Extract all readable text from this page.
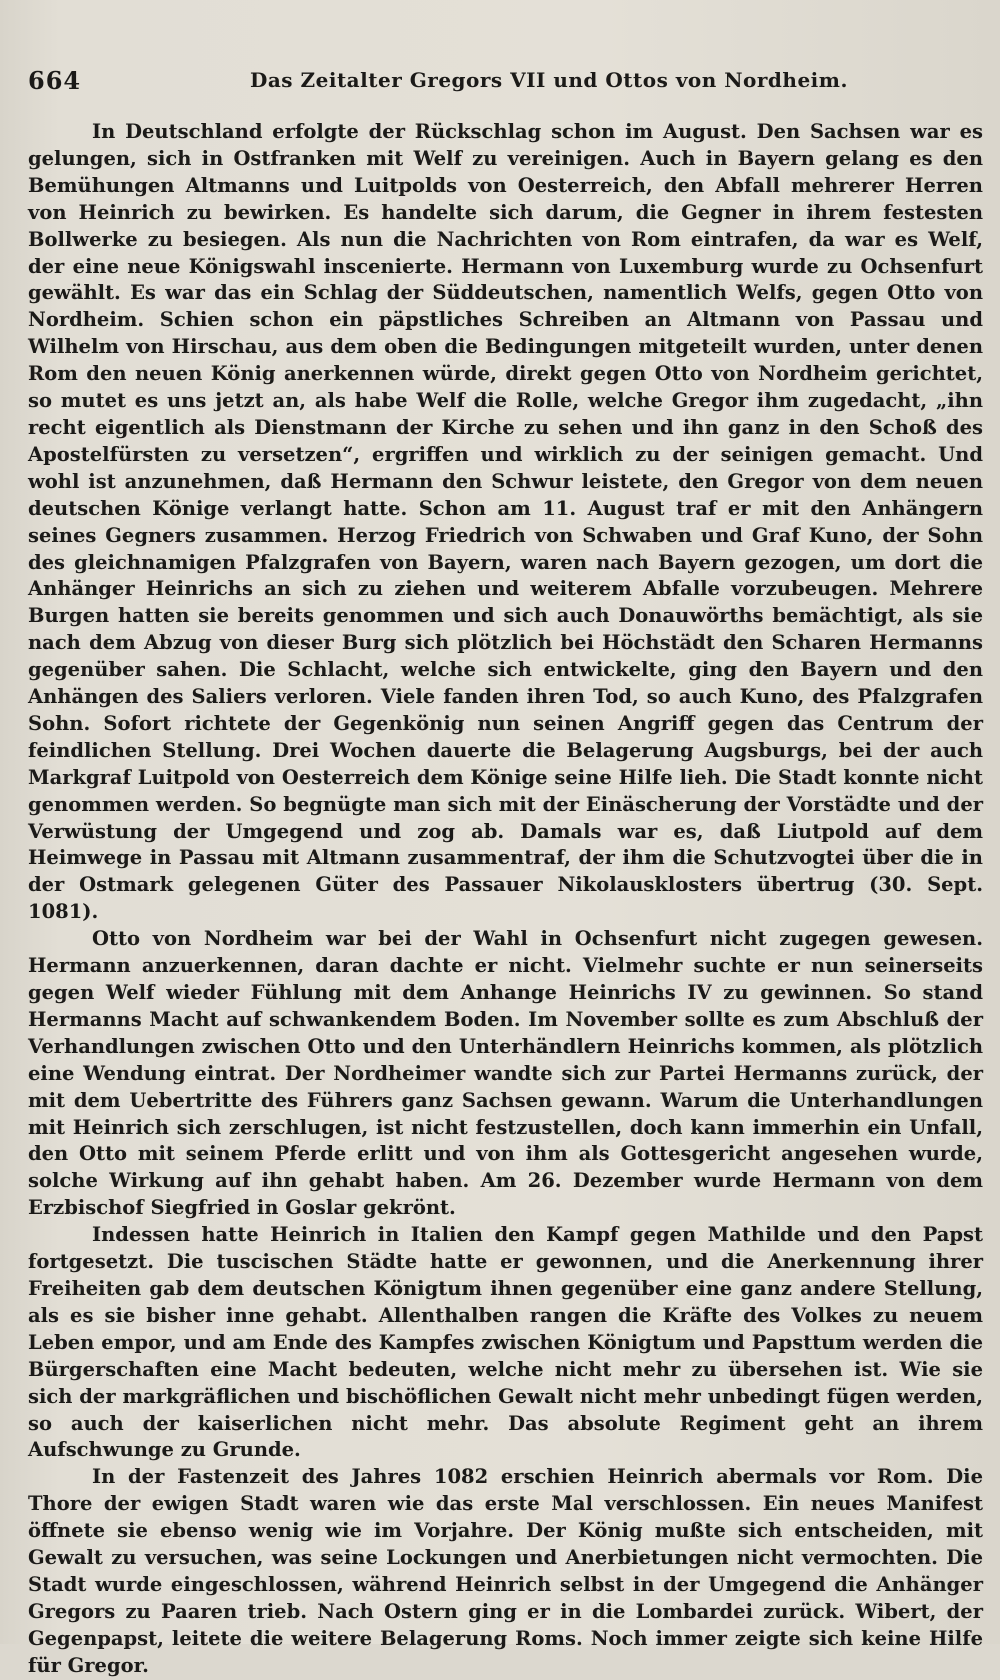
664	Das Zeitalter Gregors VII und Ottos von Nordheim.

In Deutschland erfolgte der Rückschlag schon im August. Den Sachsen war es gelungen, sich in Ostfranken mit Welf zu vereinigen. Auch in Bayern gelang es den Bemühungen Altmanns und Luitpolds von Oesterreich, den Abfall mehrerer Herren von Heinrich zu bewirken. Es handelte sich darum, die Gegner in ihrem festesten Bollwerke zu besiegen. Als nun die Nachrichten von Rom eintrafen, da war es Welf, der eine neue Königswahl inscenierte. Hermann von Luxemburg wurde zu Ochsenfurt gewählt. Es war das ein Schlag der Süddeutschen, namentlich Welfs, gegen Otto von Nordheim. Schien schon ein päpstliches Schreiben an Altmann von Passau und Wilhelm von Hirschau, aus dem oben die Bedingungen mitgeteilt wurden, unter denen Rom den neuen König anerkennen würde, direkt gegen Otto von Nordheim gerichtet, so mutet es uns jetzt an, als habe Welf die Rolle, welche Gregor ihm zugedacht, „ihn recht eigentlich als Dienstmann der Kirche zu sehen und ihn ganz in den Schoß des Apostelfürsten zu versetzen“, ergriffen und wirklich zu der seinigen gemacht. Und wohl ist anzunehmen, daß Hermann den Schwur leistete, den Gregor von dem neuen deutschen Könige verlangt hatte. Schon am 11. August traf er mit den Anhängern seines Gegners zusammen. Herzog Friedrich von Schwaben und Graf Kuno, der Sohn des gleichnamigen Pfalzgrafen von Bayern, waren nach Bayern gezogen, um dort die Anhänger Heinrichs an sich zu ziehen und weiterem Abfalle vorzubeugen. Mehrere Burgen hatten sie bereits genommen und sich auch Donauwörths bemächtigt, als sie nach dem Abzug von dieser Burg sich plötzlich bei Höchstädt den Scharen Hermanns gegenüber sahen. Die Schlacht, welche sich entwickelte, ging den Bayern und den Anhängen des Saliers verloren. Viele fanden ihren Tod, so auch Kuno, des Pfalzgrafen Sohn. Sofort richtete der Gegenkönig nun seinen Angriff gegen das Centrum der feindlichen Stellung. Drei Wochen dauerte die Belagerung Augsburgs, bei der auch Markgraf Luitpold von Oesterreich dem Könige seine Hilfe lieh. Die Stadt konnte nicht genommen werden. So begnügte man sich mit der Einäscherung der Vorstädte und der Verwüstung der Umgegend und zog ab. Damals war es, daß Liutpold auf dem Heimwege in Passau mit Altmann zusammentraf, der ihm die Schutzvogtei über die in der Ostmark gelegenen Güter des Passauer Nikolausklosters übertrug (30. Sept. 1081).

Otto von Nordheim war bei der Wahl in Ochsenfurt nicht zugegen gewesen. Hermann anzuerkennen, daran dachte er nicht. Vielmehr suchte er nun seinerseits gegen Welf wieder Fühlung mit dem Anhange Heinrichs IV zu gewinnen. So stand Hermanns Macht auf schwankendem Boden. Im November sollte es zum Abschluß der Verhandlungen zwischen Otto und den Unterhändlern Heinrichs kommen, als plötzlich eine Wendung eintrat. Der Nordheimer wandte sich zur Partei Hermanns zurück, der mit dem Uebertritte des Führers ganz Sachsen gewann. Warum die Unterhandlungen mit Heinrich sich zerschlugen, ist nicht festzustellen, doch kann immerhin ein Unfall, den Otto mit seinem Pferde erlitt und von ihm als Gottesgericht angesehen wurde, solche Wirkung auf ihn gehabt haben. Am 26. Dezember wurde Hermann von dem Erzbischof Siegfried in Goslar gekrönt.

Indessen hatte Heinrich in Italien den Kampf gegen Mathilde und den Papst fortgesetzt. Die tuscischen Städte hatte er gewonnen, und die Anerkennung ihrer Freiheiten gab dem deutschen Königtum ihnen gegenüber eine ganz andere Stellung, als es sie bisher inne gehabt. Allenthalben rangen die Kräfte des Volkes zu neuem Leben empor, und am Ende des Kampfes zwischen Königtum und Papsttum werden die Bürgerschaften eine Macht bedeuten, welche nicht mehr zu übersehen ist. Wie sie sich der markgräflichen und bischöflichen Gewalt nicht mehr unbedingt fügen werden, so auch der kaiserlichen nicht mehr. Das absolute Regiment geht an ihrem Aufschwunge zu Grunde.

In der Fastenzeit des Jahres 1082 erschien Heinrich abermals vor Rom. Die Thore der ewigen Stadt waren wie das erste Mal verschlossen. Ein neues Manifest öffnete sie ebenso wenig wie im Vorjahre. Der König mußte sich entscheiden, mit Gewalt zu versuchen, was seine Lockungen und Anerbietungen nicht vermochten. Die Stadt wurde eingeschlossen, während Heinrich selbst in der Umgegend die Anhänger Gregors zu Paaren trieb. Nach Ostern ging er in die Lombardei zurück. Wibert, der Gegenpapst, leitete die weitere Belagerung Roms. Noch immer zeigte sich keine Hilfe für Gregor.
